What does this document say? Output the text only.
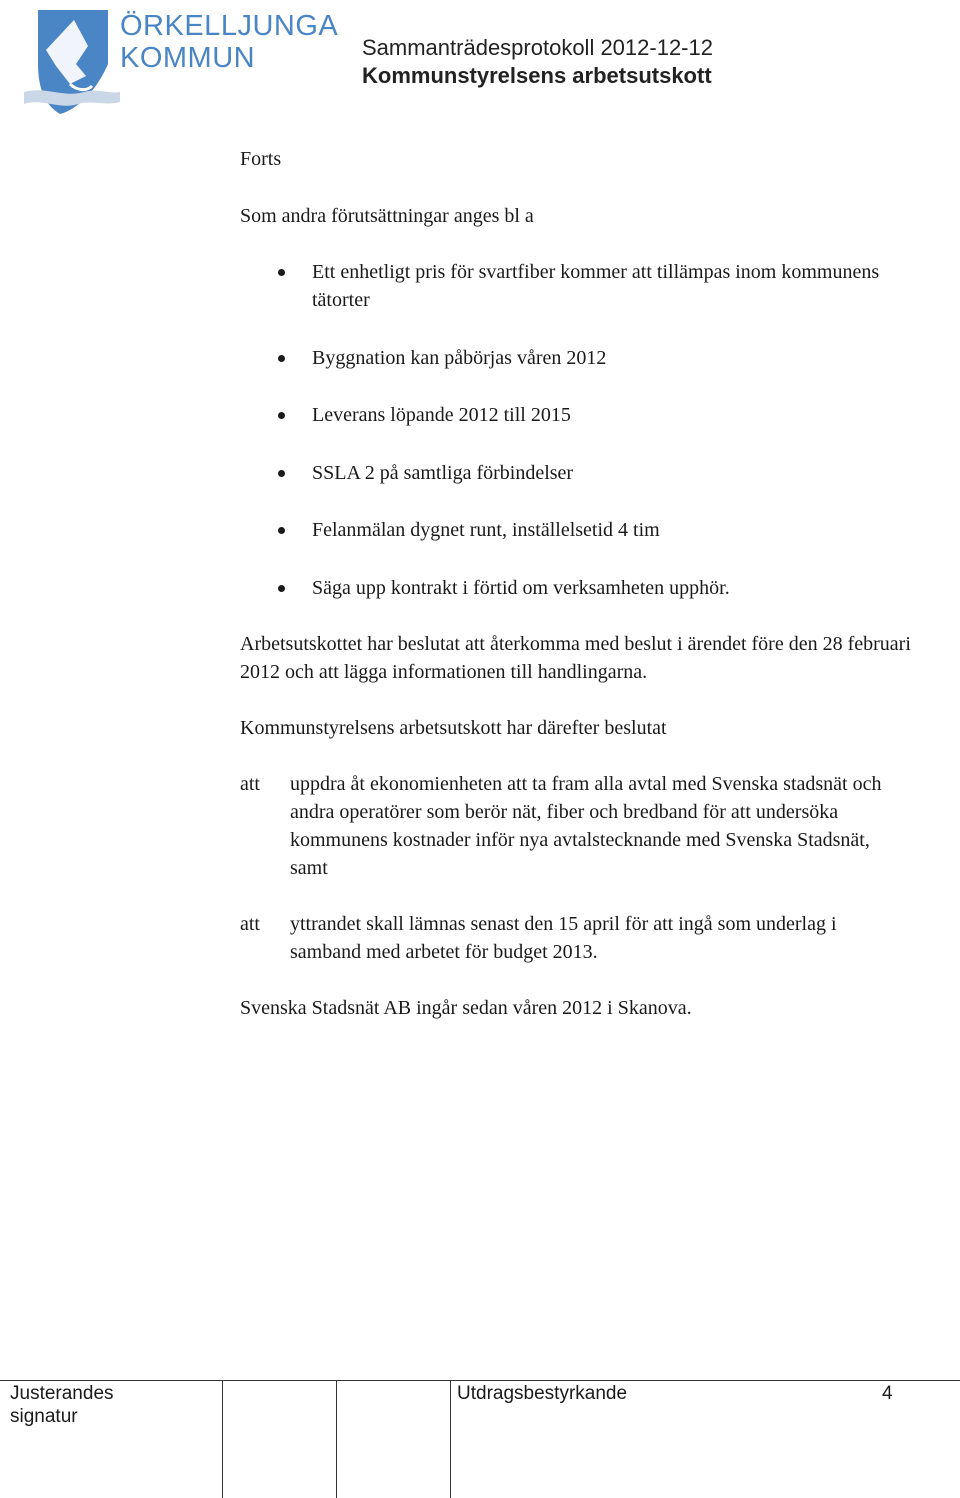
ÖRKELLJUNGA
KOMMUN	Sammanträdesprotokoll 2012-12-12
Kommunstyrelsens arbetsutskott
Forts
Som andra förutsättningar anges bl a
Ett enhetligt pris för svartfiber kommer att tillämpas inom kommunens tätorter
Byggnation kan påbörjas våren 2012
Leverans löpande 2012 till 2015
SSLA 2 på samtliga förbindelser
Felanmälan dygnet runt, inställelsetid 4 tim
Säga upp kontrakt i förtid om verksamheten upphör.
Arbetsutskottet har beslutat att återkomma med beslut i ärendet före den 28 februari 2012 och att lägga informationen till handlingarna.
Kommunstyrelsens arbetsutskott har därefter beslutat
att uppdra åt ekonomienheten att ta fram alla avtal med Svenska stadsnät och andra operatörer som berör nät, fiber och bredband för att undersöka kommunens kostnader inför nya avtalstecknande med Svenska Stadsnät, samt
att yttrandet skall lämnas senast den 15 april för att ingå som underlag i samband med arbetet för budget 2013.
Svenska Stadsnät AB ingår sedan våren 2012 i Skanova.
Justerandes
signatur
Utdragsbestyrkande	4
